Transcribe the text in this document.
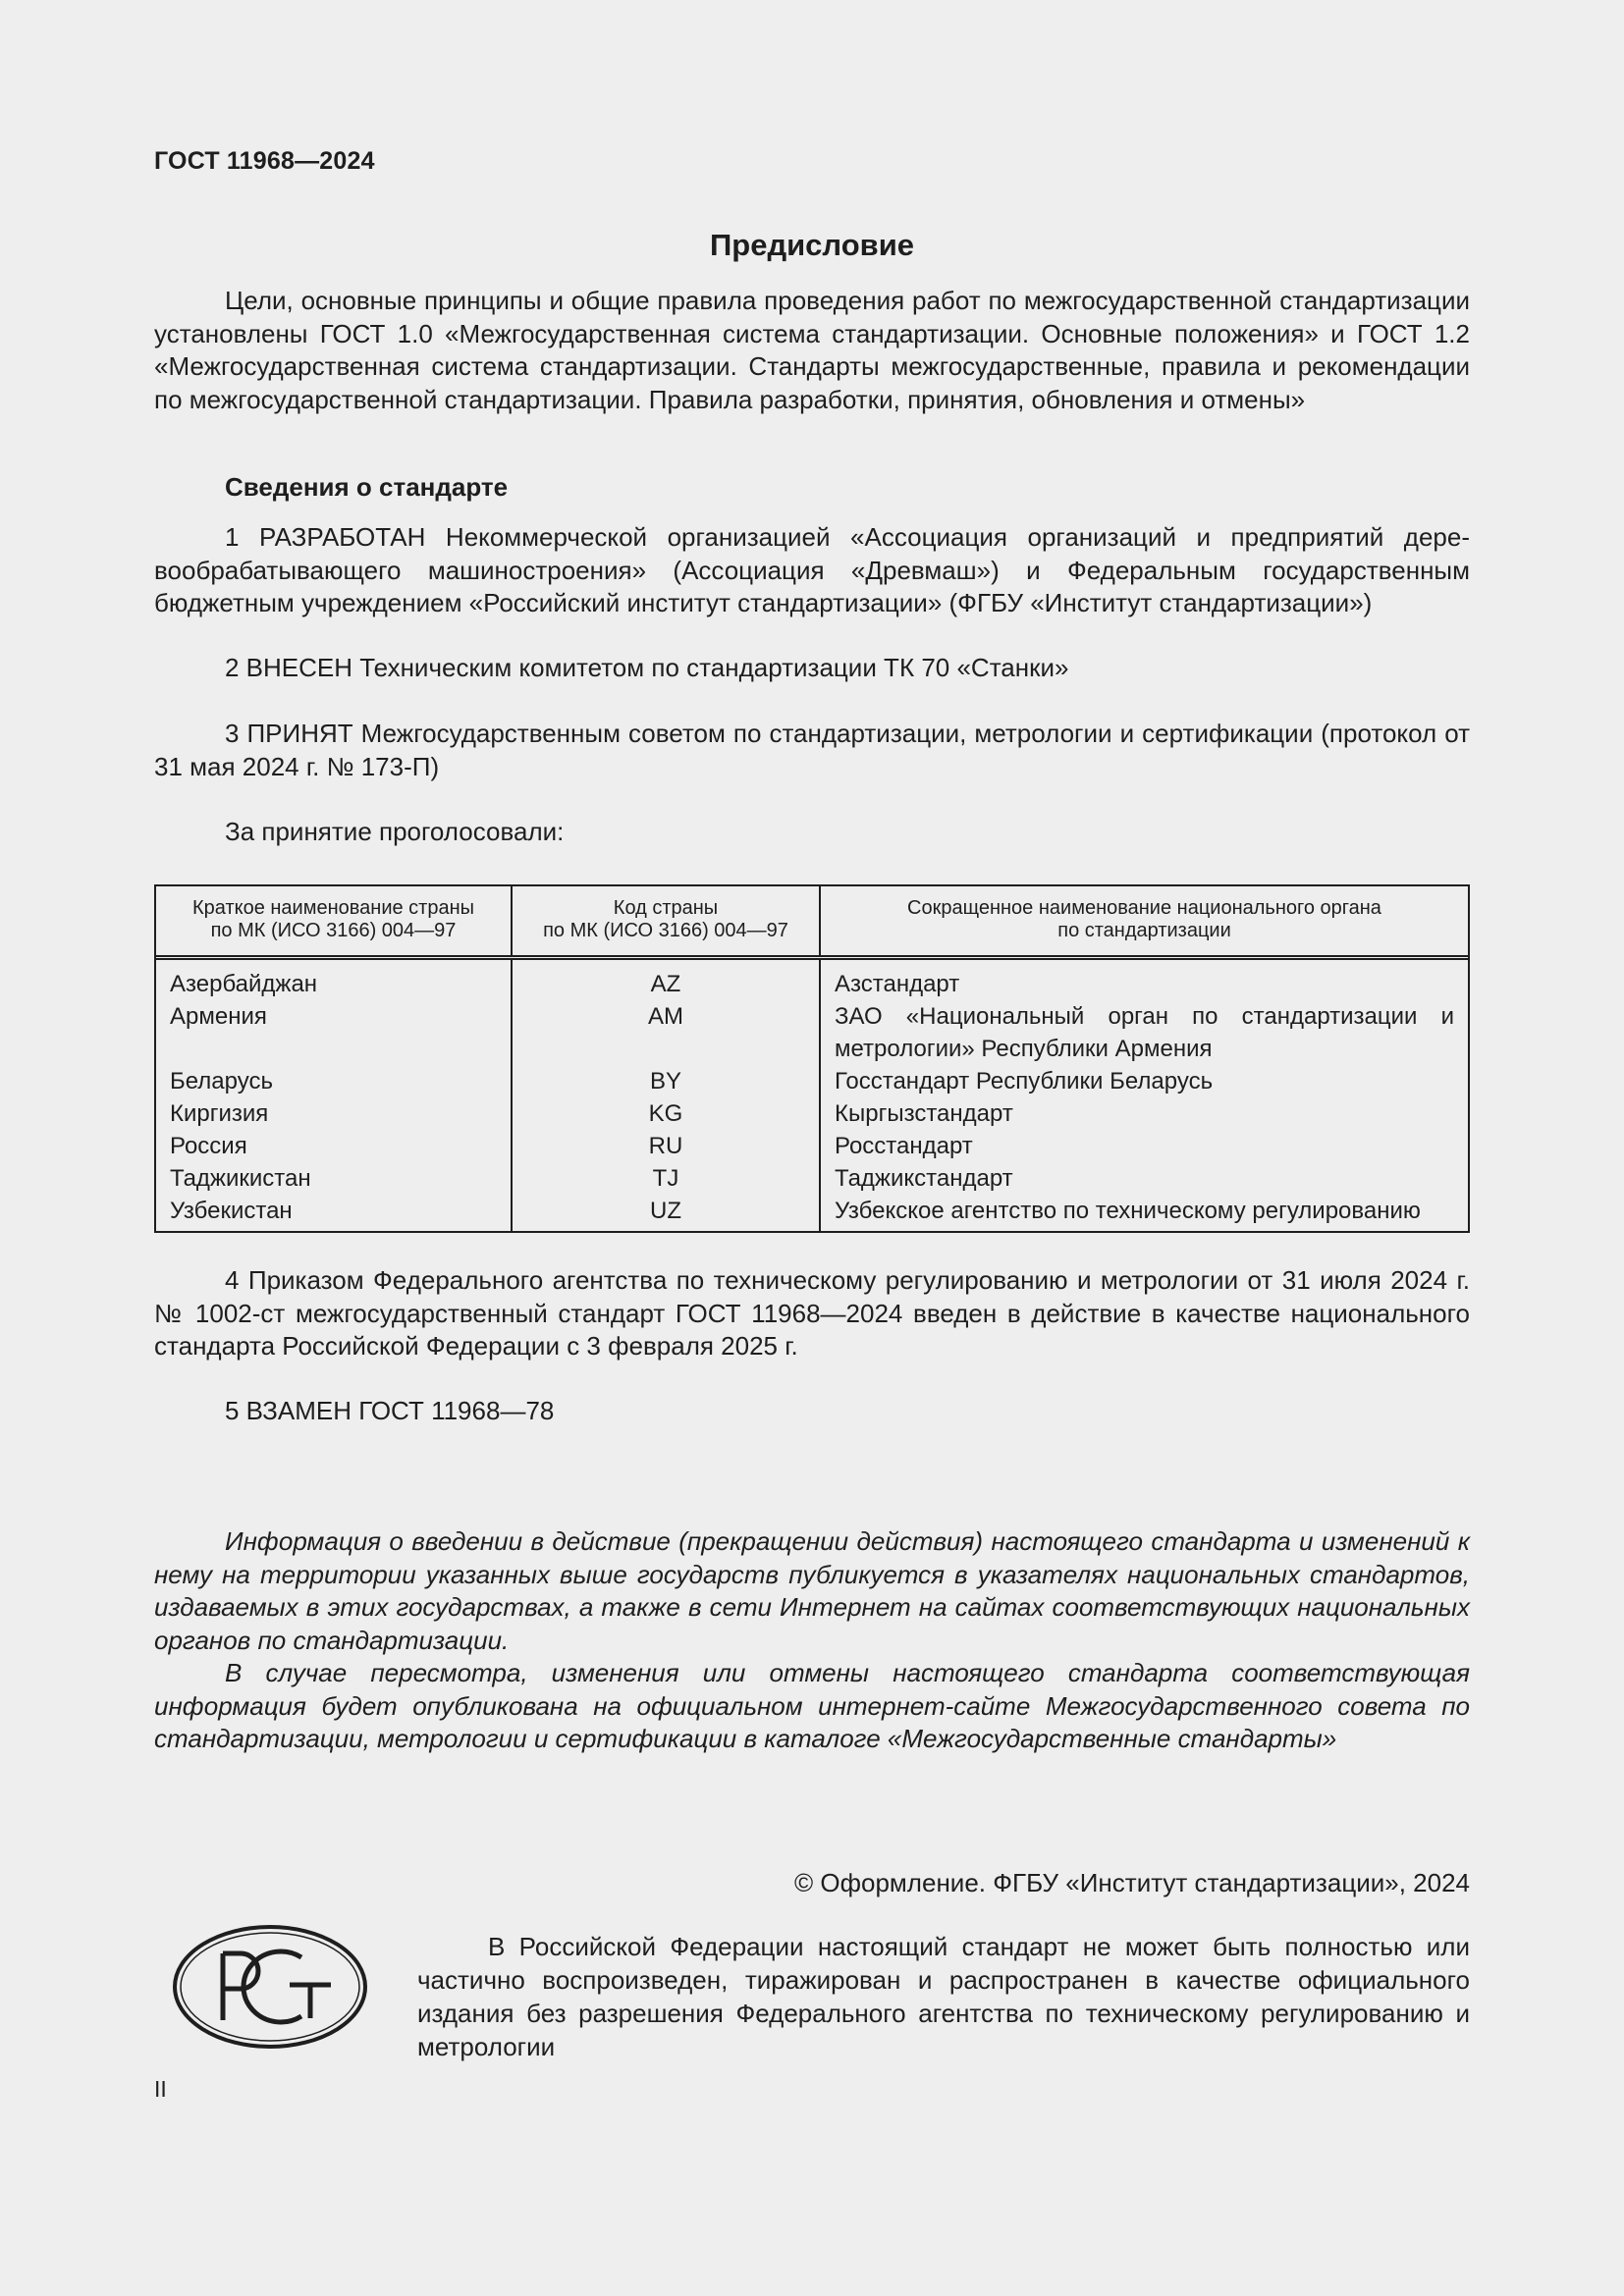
ГОСТ 11968—2024
Предисловие
Цели, основные принципы и общие правила проведения работ по межгосударственной стандартизации установлены ГОСТ 1.0 «Межгосударственная система стандартизации. Основные положения» и ГОСТ 1.2 «Межгосударственная система стандартизации. Стандарты межгосударственные, правила и рекомендации по межгосударственной стандартизации. Правила разработки, принятия, обновления и отмены»
Сведения о стандарте
1 РАЗРАБОТАН Некоммерческой организацией «Ассоциация организаций и предприятий деревообрабатывающего машиностроения» (Ассоциация «Древмаш») и Федеральным государственным бюджетным учреждением «Российский институт стандартизации» (ФГБУ «Институт стандартизации»)
2 ВНЕСЕН Техническим комитетом по стандартизации ТК 70 «Станки»
3 ПРИНЯТ Межгосударственным советом по стандартизации, метрологии и сертификации (протокол от 31 мая 2024 г. № 173-П)
За принятие проголосовали:
Краткое наименование страны
по МК (ИСО 3166) 004—97
Код страны
по МК (ИСО 3166) 004—97
Сокращенное наименование национального органа
по стандартизации
Азербайджан
Армения
Беларусь
Киргизия
Россия
Таджикистан
Узбекистан
AZ
AM
BY
KG
RU
TJ
UZ
Азстандарт
ЗАО «Национальный орган по стандартизации и метрологии» Республики Армения
Госстандарт Республики Беларусь
Кыргызстандарт
Росстандарт
Таджикстандарт
Узбекское агентство по техническому регулированию
4 Приказом Федерального агентства по техническому регулированию и метрологии от 31 июля 2024 г. № 1002-ст межгосударственный стандарт ГОСТ 11968—2024 введен в действие в качестве национального стандарта Российской Федерации с 3 февраля 2025 г.
5 ВЗАМЕН ГОСТ 11968—78
Информация о введении в действие (прекращении действия) настоящего стандарта и изменений к нему на территории указанных выше государств публикуется в указателях национальных стандартов, издаваемых в этих государствах, а также в сети Интернет на сайтах соответствующих национальных органов по стандартизации.
В случае пересмотра, изменения или отмены настоящего стандарта соответствующая информация будет опубликована на официальном интернет-сайте Межгосударственного совета по стандартизации, метрологии и сертификации в каталоге «Межгосударственные стандарты»
© Оформление. ФГБУ «Институт стандартизации», 2024
В Российской Федерации настоящий стандарт не может быть полностью или частично воспроизведен, тиражирован и распространен в качестве официального издания без разрешения Федерального агентства по техническому регулированию и метрологии
II
